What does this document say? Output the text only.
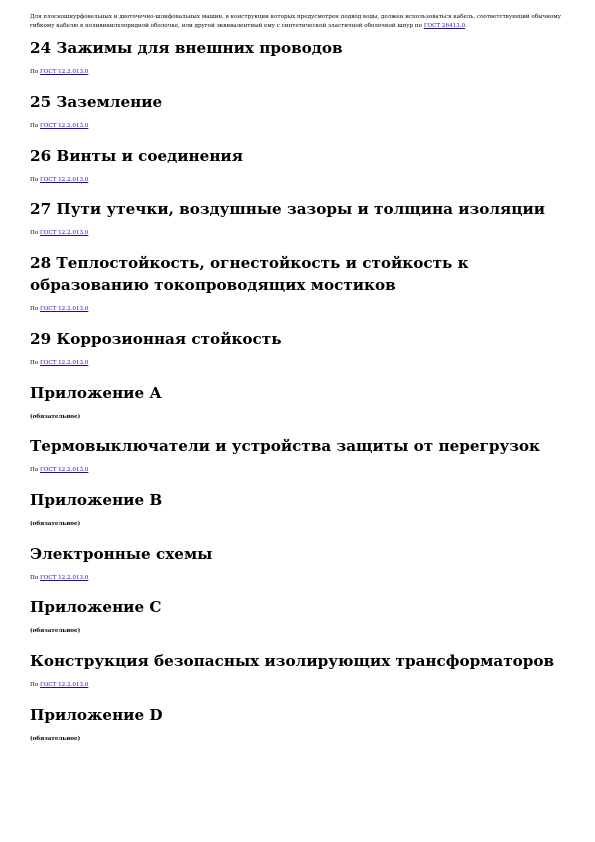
Для плоскошнурфовельных и двоточечно-шлифовальных машин, в конструкции которых предусмотрен подвод воды, должен использоваться кабель, соответствующий обычному гибкому кабелю в поливинилхлоридной оболочке, или другой эквивалентный ему с синтетической эластичной оболочкой шнур по ГОСТ 26413.0.

24 Зажимы для внешних проводов

По ГОСТ 12.2.013.0

25 Заземление

По ГОСТ 12.2.013.0

26 Винты и соединения

По ГОСТ 12.2.013.0

27 Пути утечки, воздушные зазоры и толщина изоляции

По ГОСТ 12.2.013.0

28 Теплостойкость, огнестойкость и стойкость к образованию токопроводящих мостиков

По ГОСТ 12.2.013.0

29 Коррозионная стойкость

По ГОСТ 12.2.013.0

Приложение А

(обязательное)

Термовыключатели и устройства защиты от перегрузок

По ГОСТ 12.2.013.0

Приложение В

(обязательное)

Электронные схемы

По ГОСТ 12.2.013.0

Приложение С

(обязательное)

Конструкция безопасных изолирующих трансформаторов

По ГОСТ 12.2.013.0

Приложение D

(обязательное)
